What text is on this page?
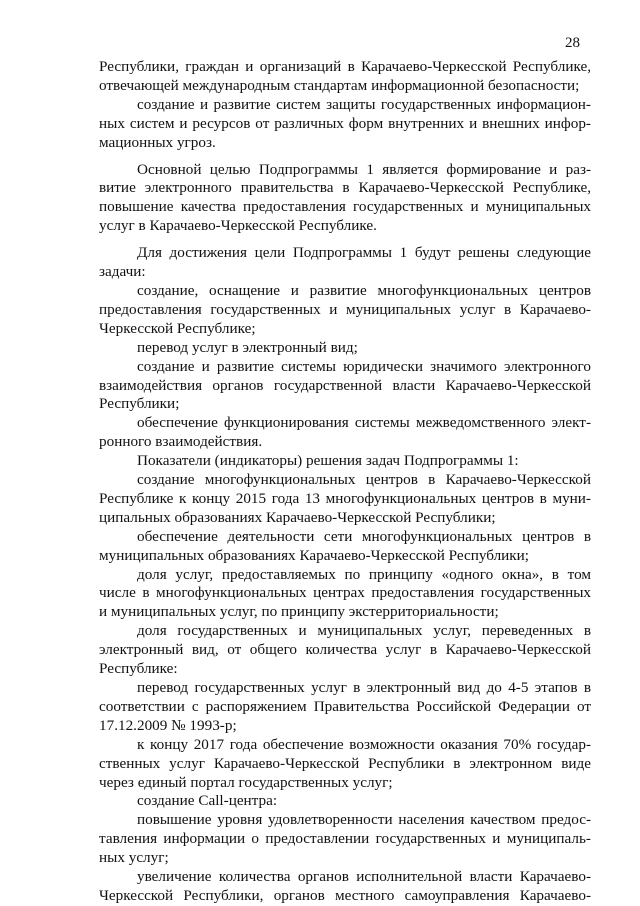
28
Республики, граждан и организаций в Карачаево-Черкесской Республике,
отвечающей международным стандартам информационной безопасности;
создание и развитие систем защиты государственных информацион-
ных систем и ресурсов от различных форм внутренних и внешних инфор-
мационных угроз.
Основной целью Подпрограммы 1 является формирование и раз-
витие электронного правительства в Карачаево-Черкесской Республике,
повышение качества предоставления государственных и муниципальных
услуг в Карачаево-Черкесской Республике.
Для достижения цели Подпрограммы 1 будут решены следующие
задачи:
создание, оснащение и развитие многофункциональных центров
предоставления государственных и муниципальных услуг в Карачаево-
Черкесской Республике;
перевод услуг в электронный вид;
создание и развитие системы юридически значимого электронного
взаимодействия органов государственной власти Карачаево-Черкесской
Республики;
обеспечение функционирования системы межведомственного элект-
ронного взаимодействия.
Показатели (индикаторы) решения задач Подпрограммы 1:
создание многофункциональных центров в Карачаево-Черкесской
Республике к концу 2015 года 13 многофункциональных центров в муни-
ципальных образованиях Карачаево-Черкесской Республики;
обеспечение деятельности сети многофункциональных центров в
муниципальных образованиях Карачаево-Черкесской Республики;
доля услуг, предоставляемых по принципу «одного окна», в том
числе в многофункциональных центрах предоставления государственных
и муниципальных услуг, по принципу экстерриториальности;
доля государственных и муниципальных услуг, переведенных в
электронный вид, от общего количества услуг в Карачаево-Черкесской
Республике:
перевод государственных услуг в электронный вид до 4-5 этапов в
соответствии с распоряжением Правительства Российской Федерации от
17.12.2009 № 1993-р;
к концу 2017 года обеспечение возможности оказания 70% государ-
ственных услуг Карачаево-Черкесской Республики в электронном виде
через единый портал государственных услуг;
создание Call-центра:
повышение уровня удовлетворенности населения качеством предос-
тавления информации о предоставлении государственных и муниципаль-
ных услуг;
увеличение количества органов исполнительной власти Карачаево-
Черкесской Республики, органов местного самоуправления Карачаево-
